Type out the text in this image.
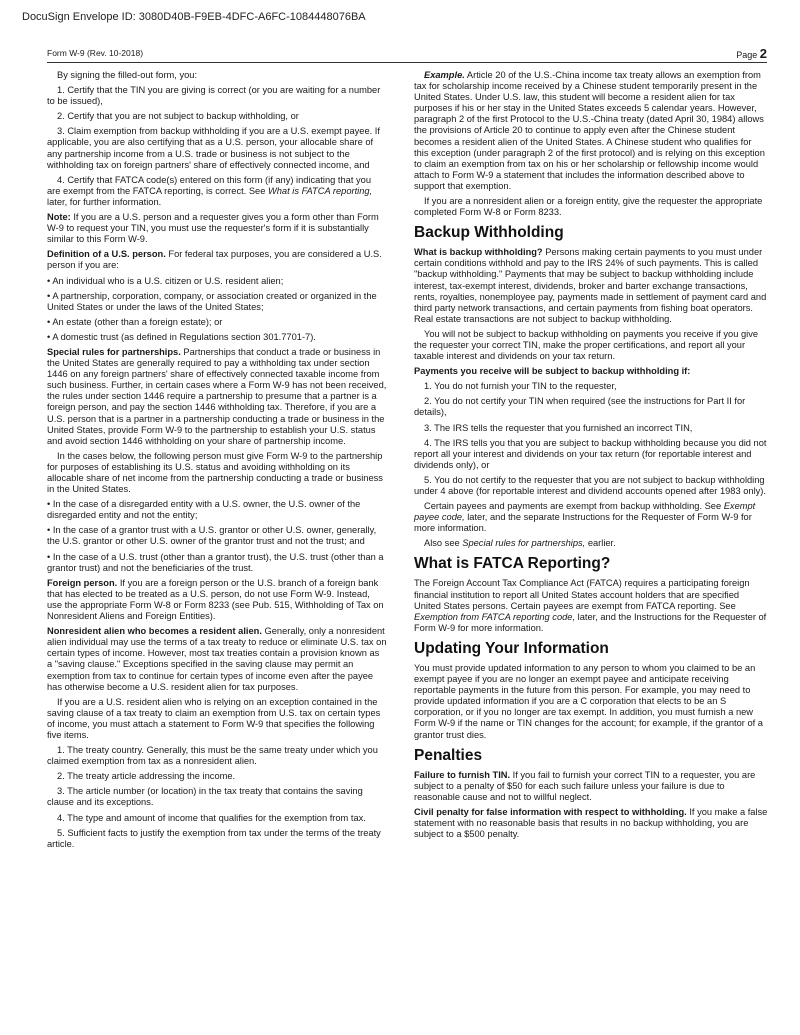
DocuSign Envelope ID: 3080D40B-F9EB-4DFC-A6FC-1084448076BA
Form W-9 (Rev. 10-2018)	Page 2

By signing the filled-out form, you:

1. Certify that the TIN you are giving is correct (or you are waiting for a number to be issued),

2. Certify that you are not subject to backup withholding, or

3. Claim exemption from backup withholding if you are a U.S. exempt payee. If applicable, you are also certifying that as a U.S. person, your allocable share of any partnership income from a U.S. trade or business is not subject to the withholding tax on foreign partners' share of effectively connected income, and

4. Certify that FATCA code(s) entered on this form (if any) indicating that you are exempt from the FATCA reporting, is correct. See What is FATCA reporting, later, for further information.

Note: If you are a U.S. person and a requester gives you a form other than Form W-9 to request your TIN, you must use the requester's form if it is substantially similar to this Form W-9.

Definition of a U.S. person. For federal tax purposes, you are considered a U.S. person if you are:

• An individual who is a U.S. citizen or U.S. resident alien;

• A partnership, corporation, company, or association created or organized in the United States or under the laws of the United States;

• An estate (other than a foreign estate); or

• A domestic trust (as defined in Regulations section 301.7701-7).

Special rules for partnerships. Partnerships that conduct a trade or business in the United States are generally required to pay a withholding tax under section 1446 on any foreign partners' share of effectively connected taxable income from such business. Further, in certain cases where a Form W-9 has not been received, the rules under section 1446 require a partnership to presume that a partner is a foreign person, and pay the section 1446 withholding tax. Therefore, if you are a U.S. person that is a partner in a partnership conducting a trade or business in the United States, provide Form W-9 to the partnership to establish your U.S. status and avoid section 1446 withholding on your share of partnership income.

In the cases below, the following person must give Form W-9 to the partnership for purposes of establishing its U.S. status and avoiding withholding on its allocable share of net income from the partnership conducting a trade or business in the United States.

• In the case of a disregarded entity with a U.S. owner, the U.S. owner of the disregarded entity and not the entity;

• In the case of a grantor trust with a U.S. grantor or other U.S. owner, generally, the U.S. grantor or other U.S. owner of the grantor trust and not the trust; and

• In the case of a U.S. trust (other than a grantor trust), the U.S. trust (other than a grantor trust) and not the beneficiaries of the trust.

Foreign person. If you are a foreign person or the U.S. branch of a foreign bank that has elected to be treated as a U.S. person, do not use Form W-9. Instead, use the appropriate Form W-8 or Form 8233 (see Pub. 515, Withholding of Tax on Nonresident Aliens and Foreign Entities).

Nonresident alien who becomes a resident alien. Generally, only a nonresident alien individual may use the terms of a tax treaty to reduce or eliminate U.S. tax on certain types of income. However, most tax treaties contain a provision known as a "saving clause." Exceptions specified in the saving clause may permit an exemption from tax to continue for certain types of income even after the payee has otherwise become a U.S. resident alien for tax purposes.

If you are a U.S. resident alien who is relying on an exception contained in the saving clause of a tax treaty to claim an exemption from U.S. tax on certain types of income, you must attach a statement to Form W-9 that specifies the following five items.

1. The treaty country. Generally, this must be the same treaty under which you claimed exemption from tax as a nonresident alien.

2. The treaty article addressing the income.

3. The article number (or location) in the tax treaty that contains the saving clause and its exceptions.

4. The type and amount of income that qualifies for the exemption from tax.

5. Sufficient facts to justify the exemption from tax under the terms of the treaty article.

Example. Article 20 of the U.S.-China income tax treaty allows an exemption from tax for scholarship income received by a Chinese student temporarily present in the United States. Under U.S. law, this student will become a resident alien for tax purposes if his or her stay in the United States exceeds 5 calendar years. However, paragraph 2 of the first Protocol to the U.S.-China treaty (dated April 30, 1984) allows the provisions of Article 20 to continue to apply even after the Chinese student becomes a resident alien of the United States. A Chinese student who qualifies for this exception (under paragraph 2 of the first protocol) and is relying on this exception to claim an exemption from tax on his or her scholarship or fellowship income would attach to Form W-9 a statement that includes the information described above to support that exemption.

If you are a nonresident alien or a foreign entity, give the requester the appropriate completed Form W-8 or Form 8233.

Backup Withholding

What is backup withholding? Persons making certain payments to you must under certain conditions withhold and pay to the IRS 24% of such payments. This is called "backup withholding." Payments that may be subject to backup withholding include interest, tax-exempt interest, dividends, broker and barter exchange transactions, rents, royalties, nonemployee pay, payments made in settlement of payment card and third party network transactions, and certain payments from fishing boat operators. Real estate transactions are not subject to backup withholding.

You will not be subject to backup withholding on payments you receive if you give the requester your correct TIN, make the proper certifications, and report all your taxable interest and dividends on your tax return.

Payments you receive will be subject to backup withholding if:

1. You do not furnish your TIN to the requester,

2. You do not certify your TIN when required (see the instructions for Part II for details),

3. The IRS tells the requester that you furnished an incorrect TIN,

4. The IRS tells you that you are subject to backup withholding because you did not report all your interest and dividends on your tax return (for reportable interest and dividends only), or

5. You do not certify to the requester that you are not subject to backup withholding under 4 above (for reportable interest and dividend accounts opened after 1983 only).

Certain payees and payments are exempt from backup withholding. See Exempt payee code, later, and the separate Instructions for the Requester of Form W-9 for more information.

Also see Special rules for partnerships, earlier.

What is FATCA Reporting?

The Foreign Account Tax Compliance Act (FATCA) requires a participating foreign financial institution to report all United States account holders that are specified United States persons. Certain payees are exempt from FATCA reporting. See Exemption from FATCA reporting code, later, and the Instructions for the Requester of Form W-9 for more information.

Updating Your Information

You must provide updated information to any person to whom you claimed to be an exempt payee if you are no longer an exempt payee and anticipate receiving reportable payments in the future from this person. For example, you may need to provide updated information if you are a C corporation that elects to be an S corporation, or if you no longer are tax exempt. In addition, you must furnish a new Form W-9 if the name or TIN changes for the account; for example, if the grantor of a grantor trust dies.

Penalties

Failure to furnish TIN. If you fail to furnish your correct TIN to a requester, you are subject to a penalty of $50 for each such failure unless your failure is due to reasonable cause and not to willful neglect.

Civil penalty for false information with respect to withholding. If you make a false statement with no reasonable basis that results in no backup withholding, you are subject to a $500 penalty.
